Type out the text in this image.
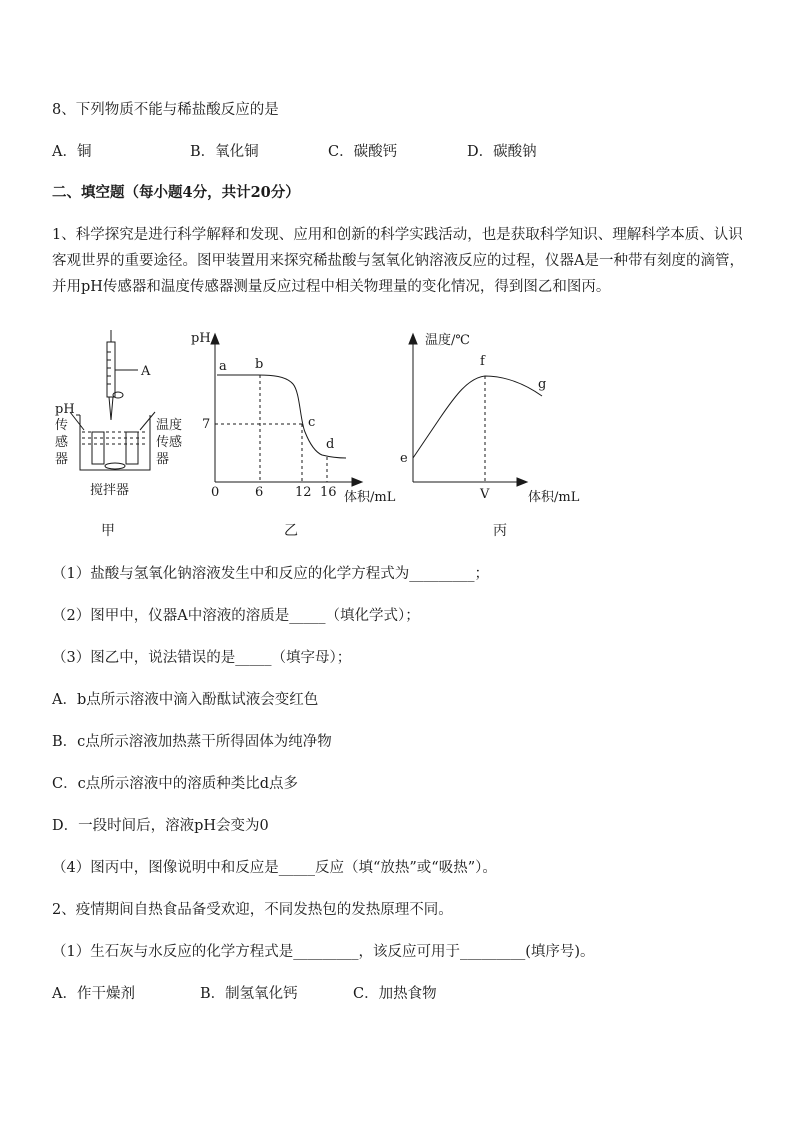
8、下列物质不能与稀盐酸反应的是
A．铜	B．氧化铜	C．碳酸钙	D．碳酸钠
二、填空题（每小题4分，共计20分）
1、科学探究是进行科学解释和发现、应用和创新的科学实践活动，也是获取科学知识、理解科学本质、认识客观世界的重要途径。图甲装置用来探究稀盐酸与氢氧化钠溶液反应的过程，仪器A是一种带有刻度的滴管，并用pH传感器和温度传感器测量反应过程中相关物理量的变化情况，得到图乙和图丙。
A
pH
传
感
器
温度
传感
器
搅拌器
pH
7
0	6 12 16 体积/mL
a b
c
d
温度/℃
e
f
g
V	体积/mL
甲	乙	丙
（1）盐酸与氢氧化钠溶液发生中和反应的化学方程式为_________；
（2）图甲中，仪器A中溶液的溶质是_____（填化学式）；
（3）图乙中，说法错误的是_____（填字母）；
A．b点所示溶液中滴入酚酞试液会变红色
B．c点所示溶液加热蒸干所得固体为纯净物
C．c点所示溶液中的溶质种类比d点多
D．一段时间后，溶液pH会变为0
（4）图丙中，图像说明中和反应是_____反应（填“放热”或“吸热”）。
2、疫情期间自热食品备受欢迎，不同发热包的发热原理不同。
（1）生石灰与水反应的化学方程式是_________，该反应可用于_________(填序号)。
A．作干燥剂	B．制氢氧化钙	C．加热食物
